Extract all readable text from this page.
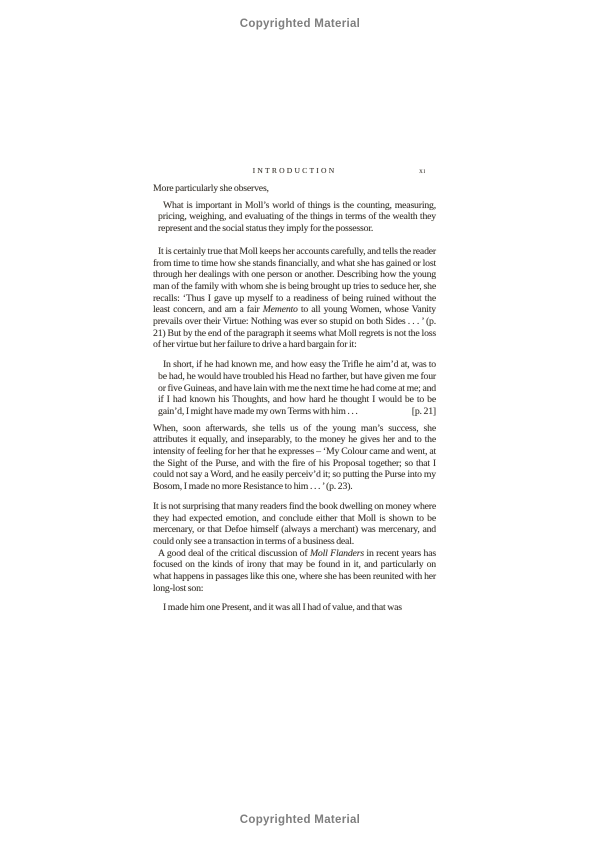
Copyrighted Material
INTRODUCTION	xi

More particularly she observes,

What is important in Moll’s world of things is the counting, measuring, pricing, weighing, and evaluating of the things in terms of the wealth they represent and the social status they imply for the possessor.

It is certainly true that Moll keeps her accounts carefully, and tells the reader from time to time how she stands financially, and what she has gained or lost through her dealings with one person or another. Describing how the young man of the family with whom she is being brought up tries to seduce her, she recalls: ‘Thus I gave up myself to a readiness of being ruined without the least concern, and am a fair Memento to all young Women, whose Vanity prevails over their Virtue: Nothing was ever so stupid on both Sides . . . ’ (p. 21) But by the end of the paragraph it seems what Moll regrets is not the loss of her virtue but her failure to drive a hard bargain for it:

In short, if he had known me, and how easy the Trifle he aim’d at, was to be had, he would have troubled his Head no farther, but have given me four or five Guineas, and have lain with me the next time he had come at me; and if I had known his Thoughts, and how hard he thought I would be to be gain’d, I might have made my own Terms with him . . .	[p. 21]

When, soon afterwards, she tells us of the young man’s success, she attributes it equally, and inseparably, to the money he gives her and to the intensity of feeling for her that he expresses – ‘My Colour came and went, at the Sight of the Purse, and with the fire of his Proposal together; so that I could not say a Word, and he easily perceiv’d it; so putting the Purse into my Bosom, I made no more Resistance to him . . . ’ (p. 23).

It is not surprising that many readers find the book dwelling on money where they had expected emotion, and conclude either that Moll is shown to be mercenary, or that Defoe himself (always a merchant) was mercenary, and could only see a transaction in terms of a business deal.

A good deal of the critical discussion of Moll Flanders in recent years has focused on the kinds of irony that may be found in it, and particularly on what happens in passages like this one, where she has been reunited with her long-lost son:

I made him one Present, and it was all I had of value, and that was

Copyrighted Material
